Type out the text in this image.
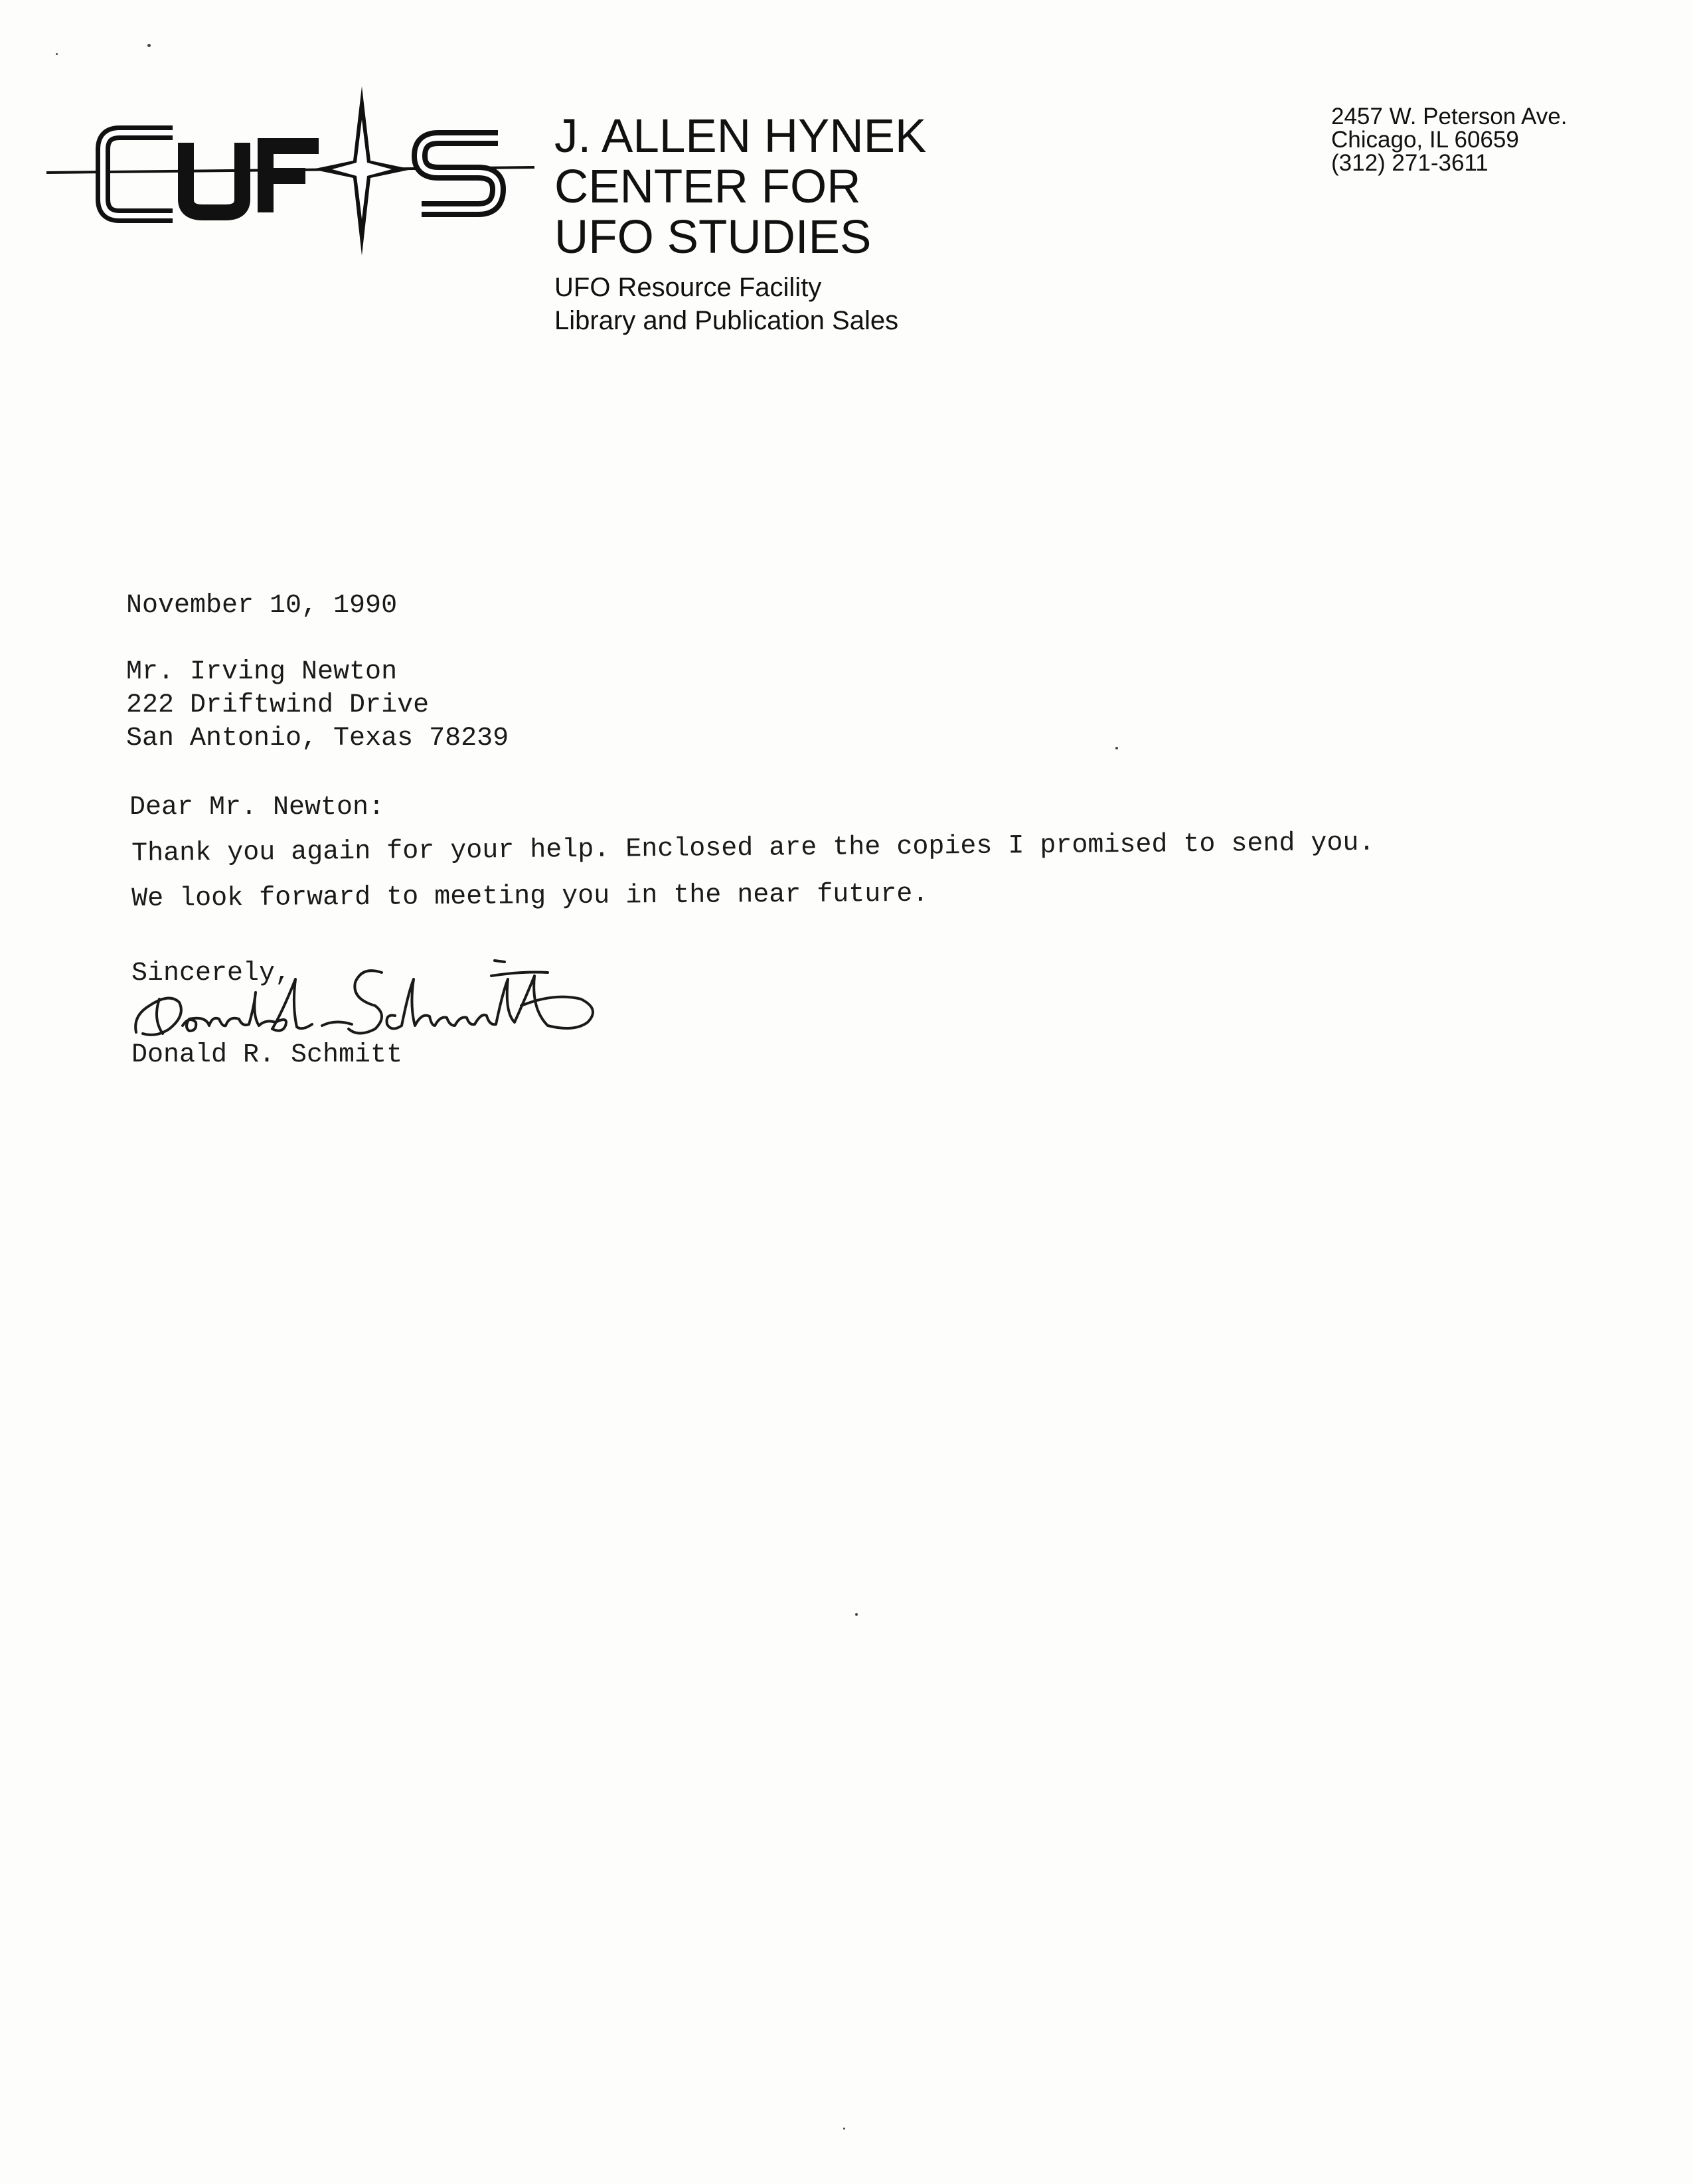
J. ALLEN HYNEK
CENTER FOR
UFO STUDIES
UFO Resource Facility
Library and Publication Sales
2457 W. Peterson Ave.
Chicago, IL 60659
(312) 271-3611
November 10, 1990
Mr. Irving Newton
222 Driftwind Drive
San Antonio, Texas 78239
Dear Mr. Newton:
Thank you again for your help. Enclosed are the copies I promised to send you.
We look forward to meeting you in the near future.
Sincerely,
Donald R. Schmitt
